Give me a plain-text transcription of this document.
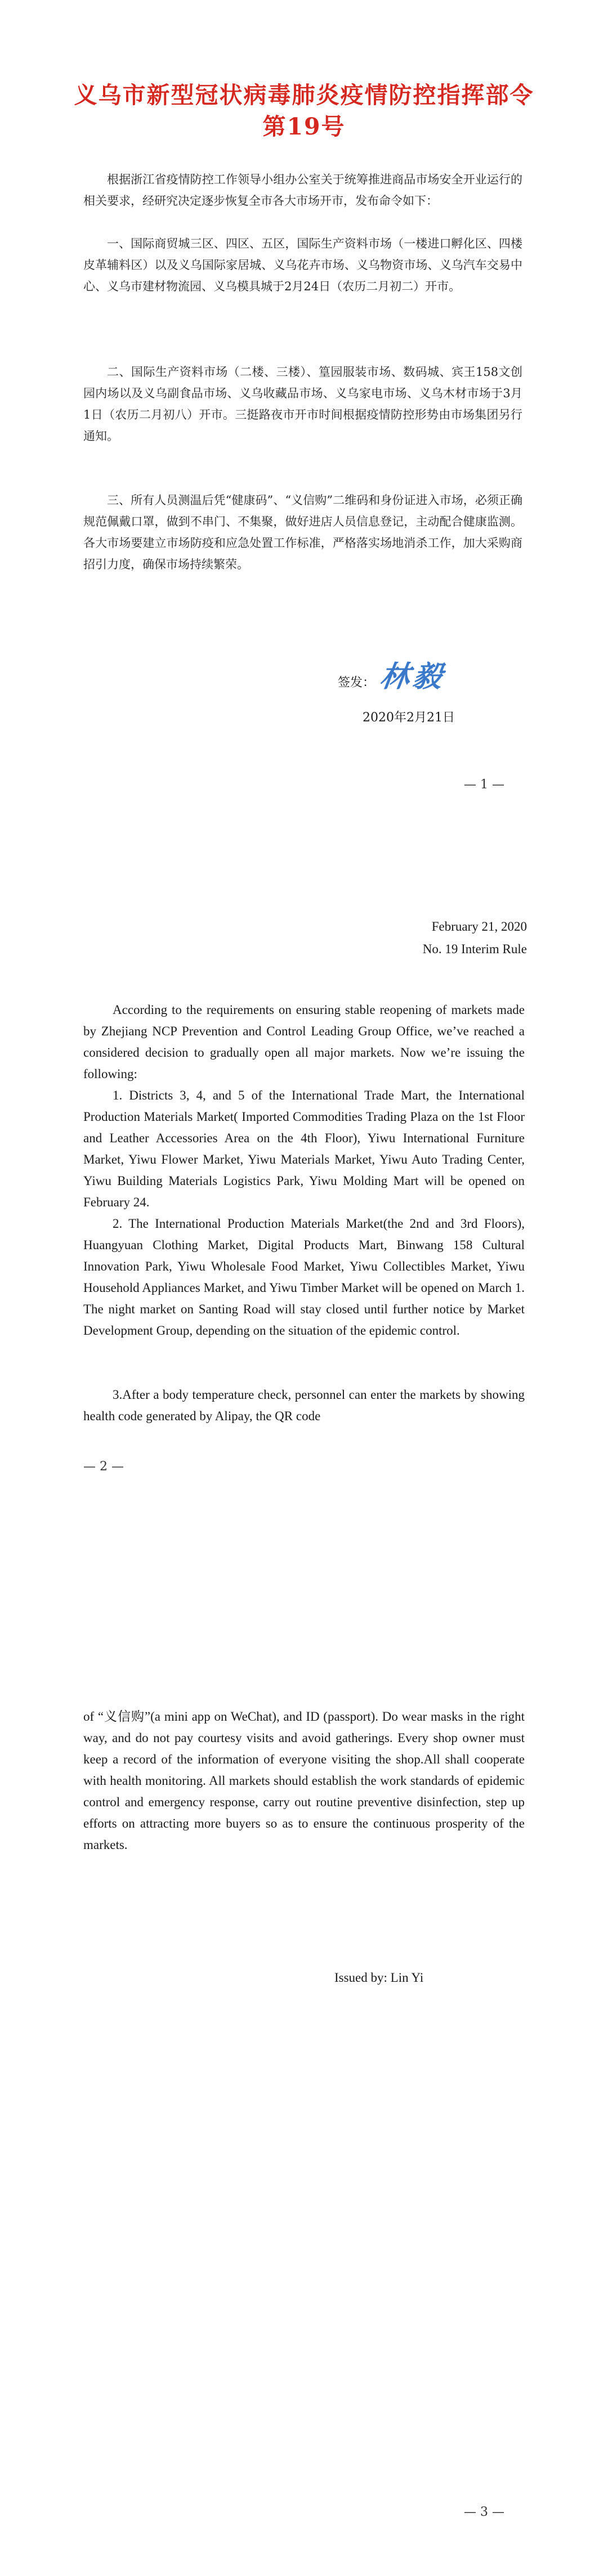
义乌市新型冠状病毒肺炎疫情防控指挥部令
第19号

根据浙江省疫情防控工作领导小组办公室关于统筹推进商品市场安全开业运行的相关要求，经研究决定逐步恢复全市各大市场开市，发布命令如下：

一、国际商贸城三区、四区、五区，国际生产资料市场（一楼进口孵化区、四楼皮革辅料区）以及义乌国际家居城、义乌花卉市场、义乌物资市场、义乌汽车交易中心、义乌市建材物流园、义乌模具城于2月24日（农历二月初二）开市。

二、国际生产资料市场（二楼、三楼）、篁园服装市场、数码城、宾王158文创园内场以及义乌副食品市场、义乌收藏品市场、义乌家电市场、义乌木材市场于3月1日（农历二月初八）开市。三挺路夜市开市时间根据疫情防控形势由市场集团另行通知。

三、所有人员测温后凭“健康码”、“义信购”二维码和身份证进入市场，必须正确规范佩戴口罩，做到不串门、不集聚，做好进店人员信息登记，主动配合健康监测。各大市场要建立市场防疫和应急处置工作标准，严格落实场地消杀工作，加大采购商招引力度，确保市场持续繁荣。

签发： 林毅
2020年2月21日
— 1 —
February 21, 2020
No. 19 Interim Rule

According to the requirements on ensuring stable reopening of markets made by Zhejiang NCP Prevention and Control Leading Group Office, we’ve reached a considered decision to gradually open all major markets. Now we’re issuing the following:

1. Districts 3, 4, and 5 of the International Trade Mart, the International Production Materials Market( Imported Commodities Trading Plaza on the 1st Floor and Leather Accessories Area on the 4th Floor), Yiwu International Furniture Market, Yiwu Flower Market, Yiwu Materials Market, Yiwu Auto Trading Center, Yiwu Building Materials Logistics Park, Yiwu Molding Mart will be opened on February 24.

2. The International Production Materials Market(the 2nd and 3rd Floors), Huangyuan Clothing Market, Digital Products Mart, Binwang 158 Cultural Innovation Park, Yiwu Wholesale Food Market, Yiwu Collectibles Market, Yiwu Household Appliances Market, and Yiwu Timber Market will be opened on March 1. The night market on Santing Road will stay closed until further notice by Market Development Group, depending on the situation of the epidemic control.

3.After a body temperature check, personnel can enter the markets by showing health code generated by Alipay, the QR code

— 2 —

of “义信购”(a mini app on WeChat), and ID (passport). Do wear masks in the right way, and do not pay courtesy visits and avoid gatherings. Every shop owner must keep a record of the information of everyone visiting the shop.All shall cooperate with health monitoring. All markets should establish the work standards of epidemic control and emergency response, carry out routine preventive disinfection, step up efforts on attracting more buyers so as to ensure the continuous prosperity of the markets.

Issued by: Lin Yi
— 3 —
